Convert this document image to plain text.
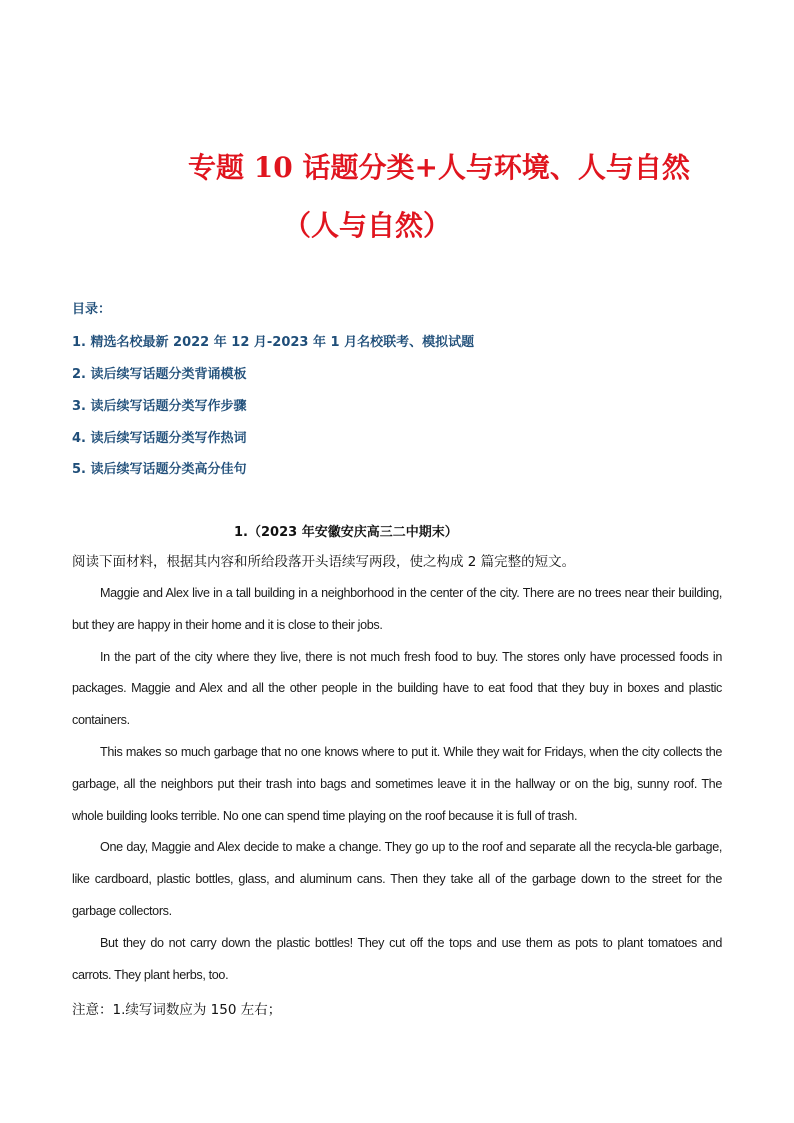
专题 10 话题分类+人与环境、人与自然
（人与自然）
目录：
1. 精选名校最新 2022 年 12 月-2023 年 1 月名校联考、模拟试题
2. 读后续写话题分类背诵模板
3. 读后续写话题分类写作步骤
4. 读后续写话题分类写作热词
5. 读后续写话题分类高分佳句
1.（2023 年安徽安庆高三二中期末）
阅读下面材料，根据其内容和所给段落开头语续写两段，使之构成 2 篇完整的短文。

Maggie and Alex live in a tall building in a neighborhood in the center of the city. There are no trees near their building, but they are happy in their home and it is close to their jobs.

In the part of the city where they live, there is not much fresh food to buy. The stores only have processed foods in packages. Maggie and Alex and all the other people in the building have to eat food that they buy in boxes and plastic containers.

This makes so much garbage that no one knows where to put it. While they wait for Fridays, when the city collects the garbage, all the neighbors put their trash into bags and sometimes leave it in the hallway or on the big, sunny roof. The whole building looks terrible. No one can spend time playing on the roof because it is full of trash.

One day, Maggie and Alex decide to make a change. They go up to the roof and separate all the recycla-ble garbage, like cardboard, plastic bottles, glass, and aluminum cans. Then they take all of the garbage down to the street for the garbage collectors.

But they do not carry down the plastic bottles! They cut off the tops and use them as pots to plant tomatoes and carrots. They plant herbs, too.

注意：1.续写词数应为 150 左右；
